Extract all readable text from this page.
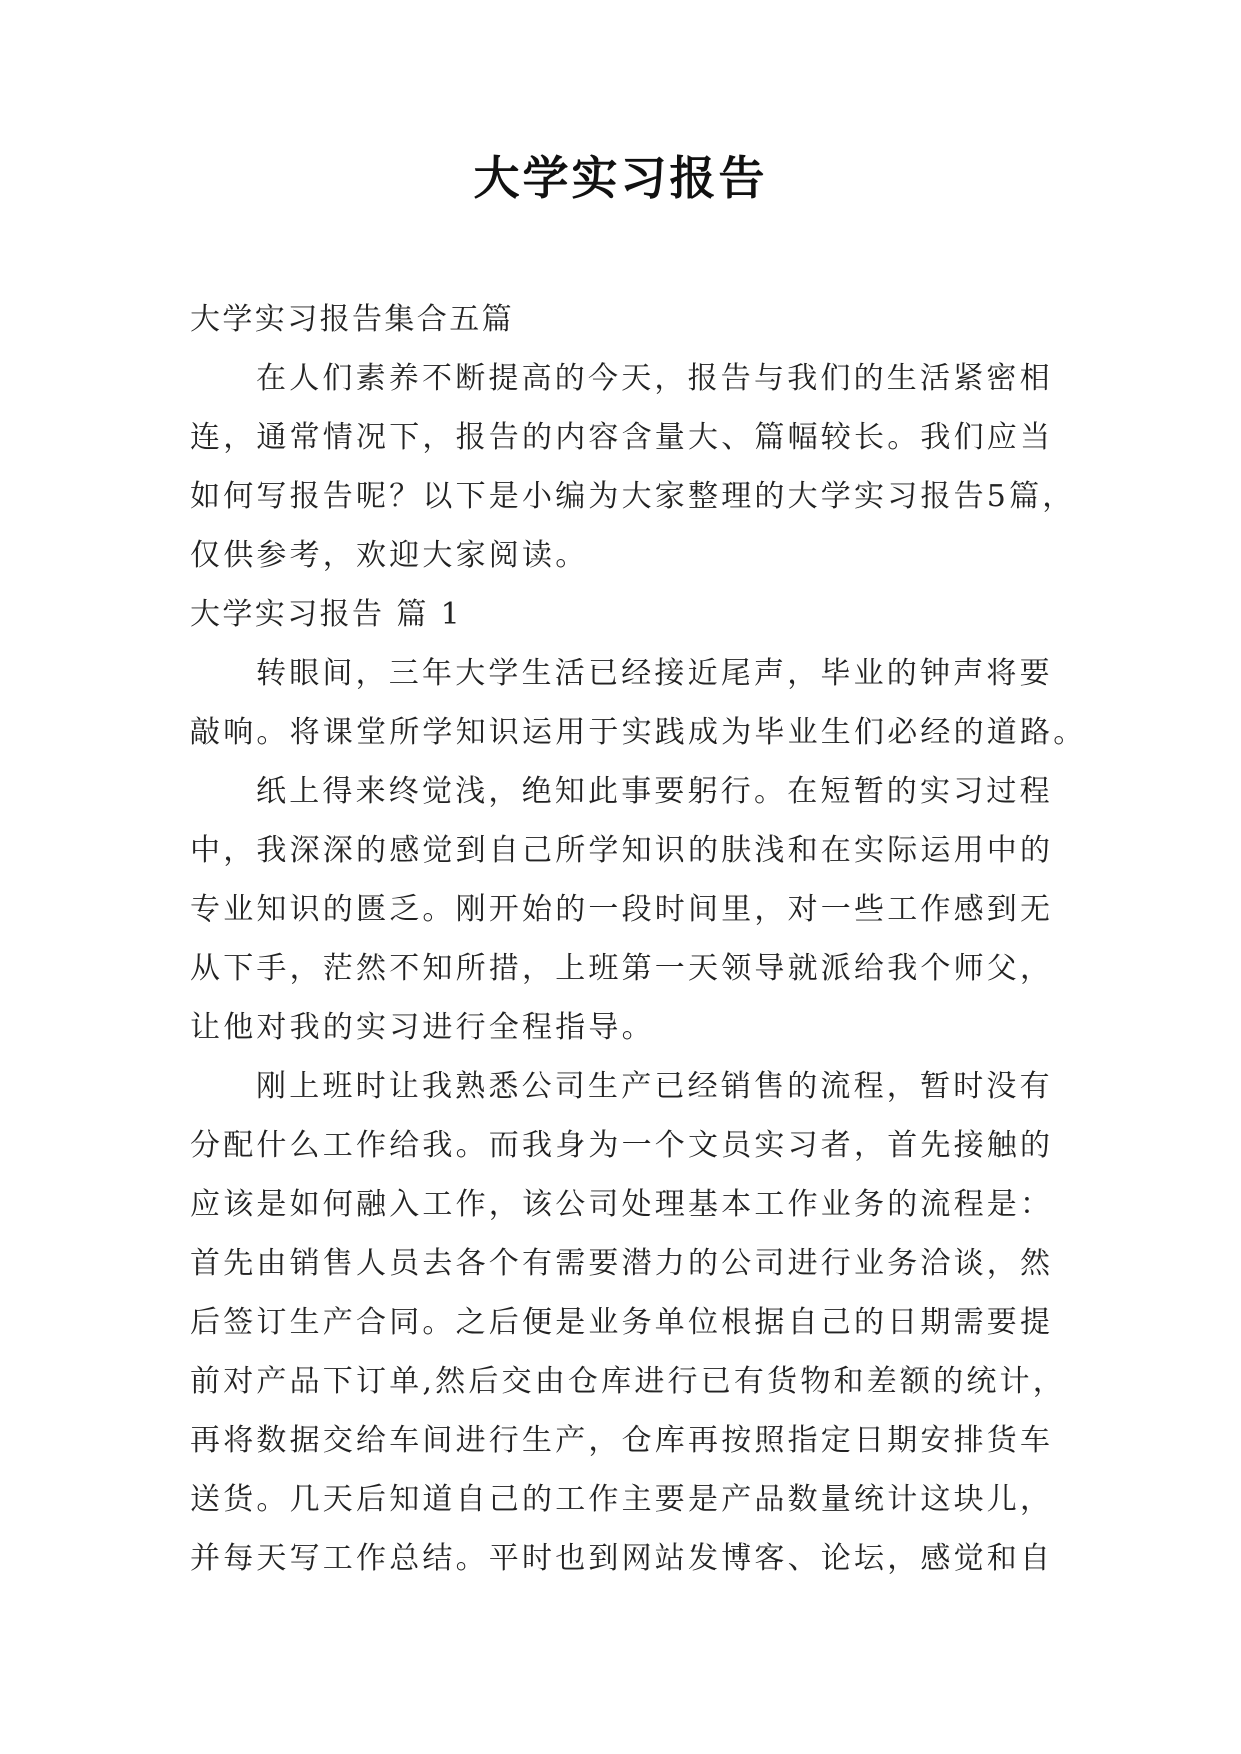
大学实习报告
大学实习报告集合五篇
在人们素养不断提高的今天，报告与我们的生活紧密相
连，通常情况下，报告的内容含量大、篇幅较长。我们应当
如何写报告呢？以下是小编为大家整理的大学实习报告5篇，
仅供参考，欢迎大家阅读。
大学实习报告 篇 1
转眼间，三年大学生活已经接近尾声，毕业的钟声将要
敲响。将课堂所学知识运用于实践成为毕业生们必经的道路。
纸上得来终觉浅，绝知此事要躬行。在短暂的实习过程
中，我深深的感觉到自己所学知识的肤浅和在实际运用中的
专业知识的匮乏。刚开始的一段时间里，对一些工作感到无
从下手，茫然不知所措，上班第一天领导就派给我个师父，
让他对我的实习进行全程指导。
刚上班时让我熟悉公司生产已经销售的流程，暂时没有
分配什么工作给我。而我身为一个文员实习者，首先接触的
应该是如何融入工作，该公司处理基本工作业务的流程是：
首先由销售人员去各个有需要潜力的公司进行业务洽谈，然
后签订生产合同。之后便是业务单位根据自己的日期需要提
前对产品下订单,然后交由仓库进行已有货物和差额的统计，
再将数据交给车间进行生产，仓库再按照指定日期安排货车
送货。几天后知道自己的工作主要是产品数量统计这块儿，
并每天写工作总结。平时也到网站发博客、论坛，感觉和自
